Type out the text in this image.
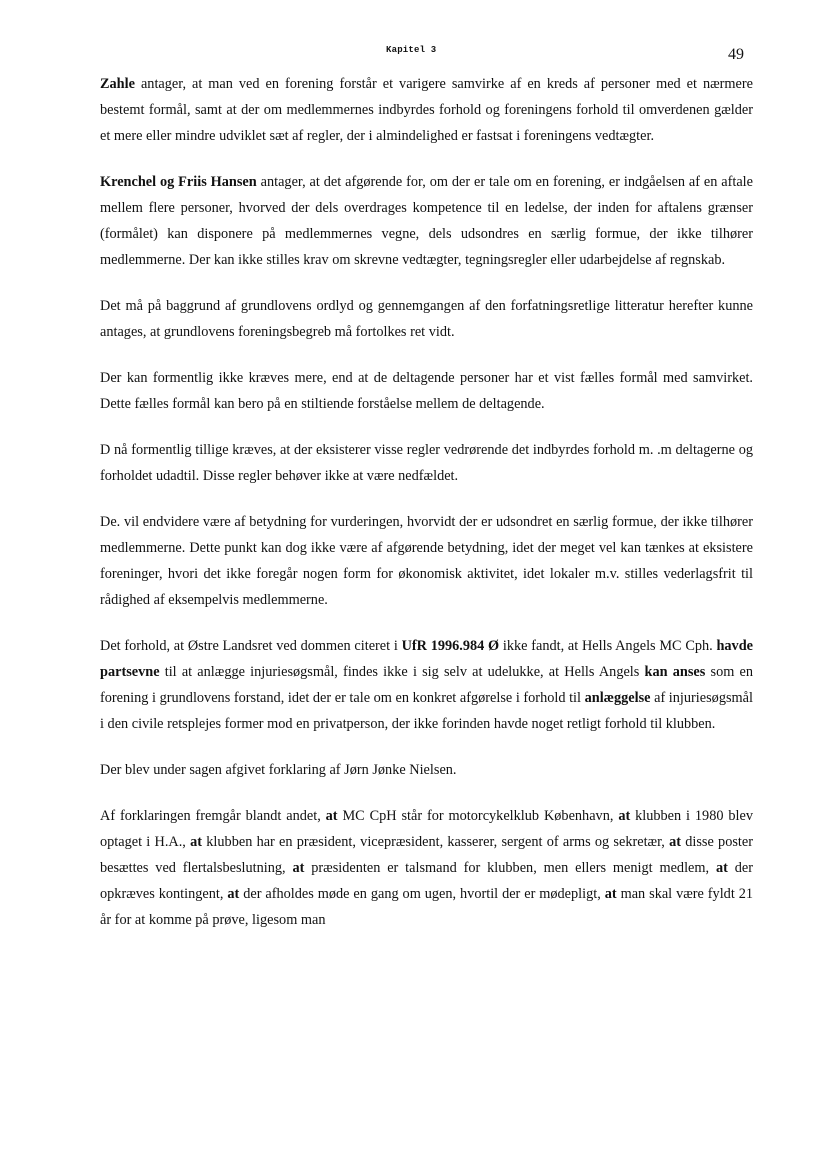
Kapitel 3	49

Zahle antager, at man ved en forening forstår et varigere samvirke af en kreds af personer med et nærmere bestemt formål, samt at der om medlemmernes indbyrdes forhold og foreningens forhold til omverdenen gælder et mere eller mindre udviklet sæt af regler, der i almindelighed er fastsat i foreningens vedtægter.

Krenchel og Friis Hansen antager, at det afgørende for, om der er tale om en forening, er indgåelsen af en aftale mellem flere personer, hvorved der dels overdrages kompetence til en ledelse, der inden for aftalens grænser (formålet) kan disponere på medlemmernes vegne, dels udsondres en særlig formue, der ikke tilhører medlemmerne. Der kan ikke stilles krav om skrevne vedtægter, tegningsregler eller udarbejdelse af regnskab.

Det må på baggrund af grundlovens ordlyd og gennemgangen af den forfatningsretlige litteratur herefter kunne antages, at grundlovens foreningsbegreb må fortolkes ret vidt.

Der kan formentlig ikke kræves mere, end at de deltagende personer har et vist fælles formål med samvirket. Dette fælles formål kan bero på en stiltiende forståelse mellem de deltagende.

D nå formentlig tillige kræves, at der eksisterer visse regler vedrørende det indbyrdes forhold m. .m deltagerne og forholdet udadtil. Disse regler behøver ikke at være nedfældet.

De. vil endvidere være af betydning for vurderingen, hvorvidt der er udsondret en særlig formue, der ikke tilhører medlemmerne. Dette punkt kan dog ikke være af afgørende betydning, idet der meget vel kan tænkes at eksistere foreninger, hvori det ikke foregår nogen form for økonomisk aktivitet, idet lokaler m.v. stilles vederlagsfrit til rådighed af eksempelvis medlemmerne.

Det forhold, at Østre Landsret ved dommen citeret i UfR 1996.984 Ø ikke fandt, at Hells Angels MC Cph. havde partsevne til at anlægge injuriesøgsmål, findes ikke i sig selv at udelukke, at Hells Angels kan anses som en forening i grundlovens forstand, idet der er tale om en konkret afgørelse i forhold til anlæggelse af injuriesøgsmål i den civile retsplejes former mod en privatperson, der ikke forinden havde noget retligt forhold til klubben.

Der blev under sagen afgivet forklaring af Jørn Jønke Nielsen.

Af forklaringen fremgår blandt andet, at MC CpH står for motorcykelklub København, at klubben i 1980 blev optaget i H.A., at klubben har en præsident, vicepræsident, kasserer, sergent of arms og sekretær, at disse poster besættes ved flertalsbeslutning, at præsidenten er talsmand for klubben, men ellers menigt medlem, at der opkræves kontingent, at der afholdes møde en gang om ugen, hvortil der er mødepligt, at man skal være fyldt 21 år for at komme på prøve, ligesom man
